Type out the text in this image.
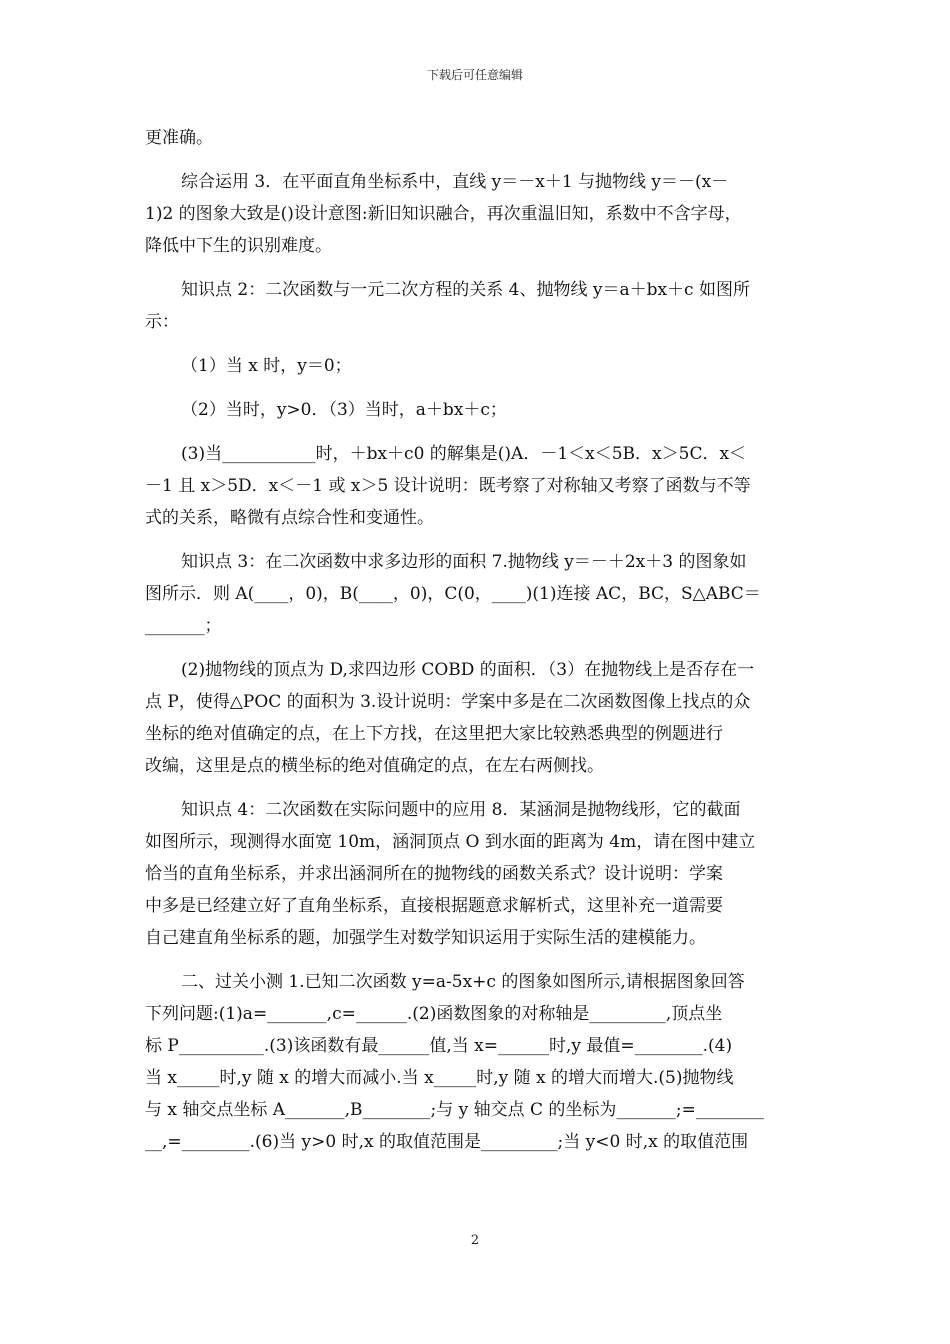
下载后可任意编辑
更准确。
综合运用 3．在平面直角坐标系中，直线 y＝－x＋1 与抛物线 y＝－(x－
1)2 的图象大致是()设计意图:新旧知识融合，再次重温旧知，系数中不含字母，
降低中下生的识别难度。
知识点 2：二次函数与一元二次方程的关系 4、抛物线 y＝a＋bx＋c 如图所
示：
（1）当 x 时，y＝0；
（2）当时，y>0．（3）当时，a＋bx＋c；
(3)当___________时，＋bx＋c0 的解集是()A．－1＜x＜5B．x＞5C．x＜
－1 且 x＞5D．x＜－1 或 x＞5 设计说明：既考察了对称轴又考察了函数与不等
式的关系，略微有点综合性和变通性。
知识点 3：在二次函数中求多边形的面积 7.抛物线 y＝－＋2x＋3 的图象如
图所示．则 A(____，0)，B(____，0)，C(0，____)(1)连接 AC，BC，S△ABC＝
_______；
(2)抛物线的顶点为 D,求四边形 COBD 的面积．（3）在抛物线上是否存在一
点 P，使得△POC 的面积为 3.设计说明：学案中多是在二次函数图像上找点的众
坐标的绝对值确定的点，在上下方找，在这里把大家比较熟悉典型的例题进行
改编，这里是点的横坐标的绝对值确定的点，在左右两侧找。
知识点 4：二次函数在实际问题中的应用 8．某涵洞是抛物线形，它的截面
如图所示，现测得水面宽 10m，涵洞顶点 O 到水面的距离为 4m，请在图中建立
恰当的直角坐标系，并求出涵洞所在的抛物线的函数关系式？设计说明：学案
中多是已经建立好了直角坐标系，直接根据题意求解析式，这里补充一道需要
自己建直角坐标系的题，加强学生对数学知识运用于实际生活的建模能力。
二、过关小测 1.已知二次函数 y=a-5x+c 的图象如图所示,请根据图象回答
下列问题:(1)a=_______,c=______.(2)函数图象的对称轴是_________,顶点坐
标 P__________.(3)该函数有最______值,当 x=______时,y 最值=________.(4)
当 x_____时,y 随 x 的增大而减小.当 x_____时,y 随 x 的增大而增大.(5)抛物线
与 x 轴交点坐标 A_______,B________;与 y 轴交点 C 的坐标为_______;=________
__,=________.(6)当 y>0 时,x 的取值范围是_________;当 y<0 时,x 的取值范围
2
